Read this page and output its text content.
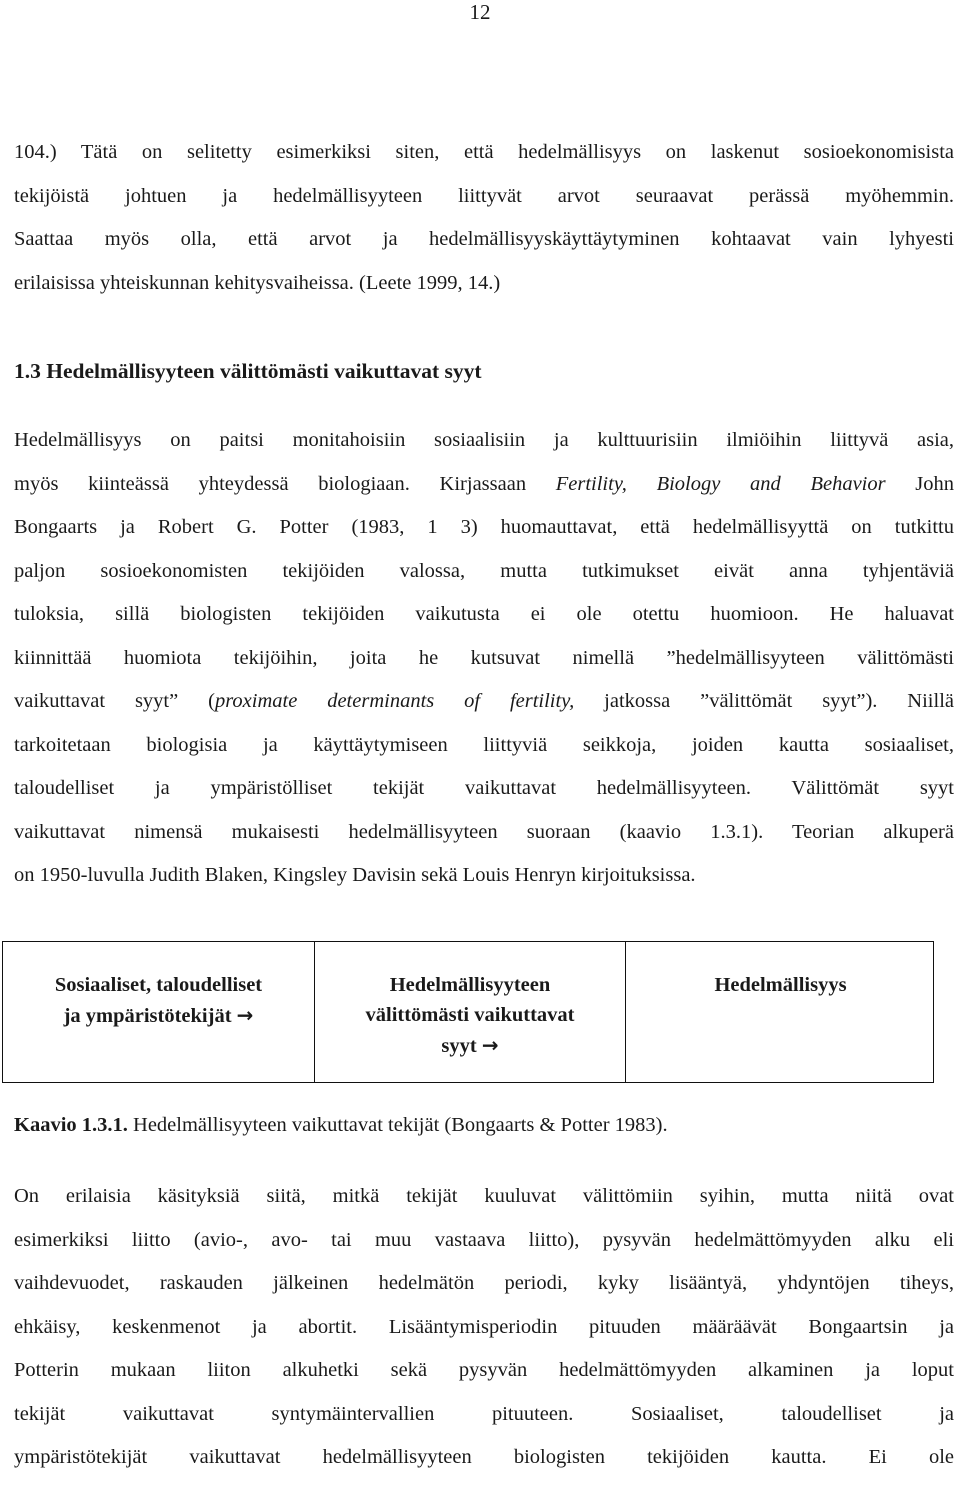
12

104.) Tätä on selitetty esimerkiksi siten, että hedelmällisyys on laskenut sosioekonomisista
tekijöistä johtuen ja hedelmällisyyteen liittyvät arvot seuraavat perässä myöhemmin.
Saattaa myös olla, että arvot ja hedelmällisyyskäyttäytyminen kohtaavat vain lyhyesti
erilaisissa yhteiskunnan kehitysvaiheissa. (Leete 1999, 14.)

1.3 Hedelmällisyyteen välittömästi vaikuttavat syyt

Hedelmällisyys on paitsi monitahoisiin sosiaalisiin ja kulttuurisiin ilmiöihin liittyvä asia,
myös kiinteässä yhteydessä biologiaan. Kirjassaan Fertility, Biology and Behavior John
Bongaarts ja Robert G. Potter (1983, 1 3) huomauttavat, että hedelmällisyyttä on tutkittu
paljon sosioekonomisten tekijöiden valossa, mutta tutkimukset eivät anna tyhjentäviä
tuloksia, sillä biologisten tekijöiden vaikutusta ei ole otettu huomioon. He haluavat
kiinnittää huomiota tekijöihin, joita he kutsuvat nimellä ”hedelmällisyyteen välittömästi
vaikuttavat syyt” (proximate determinants of fertility, jatkossa ”välittömät syyt”). Niillä
tarkoitetaan biologisia ja käyttäytymiseen liittyviä seikkoja, joiden kautta sosiaaliset,
taloudelliset ja ympäristölliset tekijät vaikuttavat hedelmällisyyteen. Välittömät syyt
vaikuttavat nimensä mukaisesti hedelmällisyyteen suoraan (kaavio 1.3.1). Teorian alkuperä
on 1950-luvulla Judith Blaken, Kingsley Davisin sekä Louis Henryn kirjoituksissa.

Sosiaaliset, taloudelliset
ja ympäristötekijät →
Hedelmällisyyteen
välittömästi vaikuttavat
syyt →
Hedelmällisyys

Kaavio 1.3.1. Hedelmällisyyteen vaikuttavat tekijät (Bongaarts & Potter 1983).

On erilaisia käsityksiä siitä, mitkä tekijät kuuluvat välittömiin syihin, mutta niitä ovat
esimerkiksi liitto (avio-, avo- tai muu vastaava liitto), pysyvän hedelmättömyyden alku eli
vaihdevuodet, raskauden jälkeinen hedelmätön periodi, kyky lisääntyä, yhdyntöjen tiheys,
ehkäisy, keskenmenot ja abortit. Lisääntymisperiodin pituuden määräävät Bongaartsin ja
Potterin mukaan liiton alkuhetki sekä pysyvän hedelmättömyyden alkaminen ja loput
tekijät vaikuttavat syntymäintervallien pituuteen. Sosiaaliset, taloudelliset ja
ympäristötekijät vaikuttavat hedelmällisyyteen biologisten tekijöiden kautta. Ei ole
